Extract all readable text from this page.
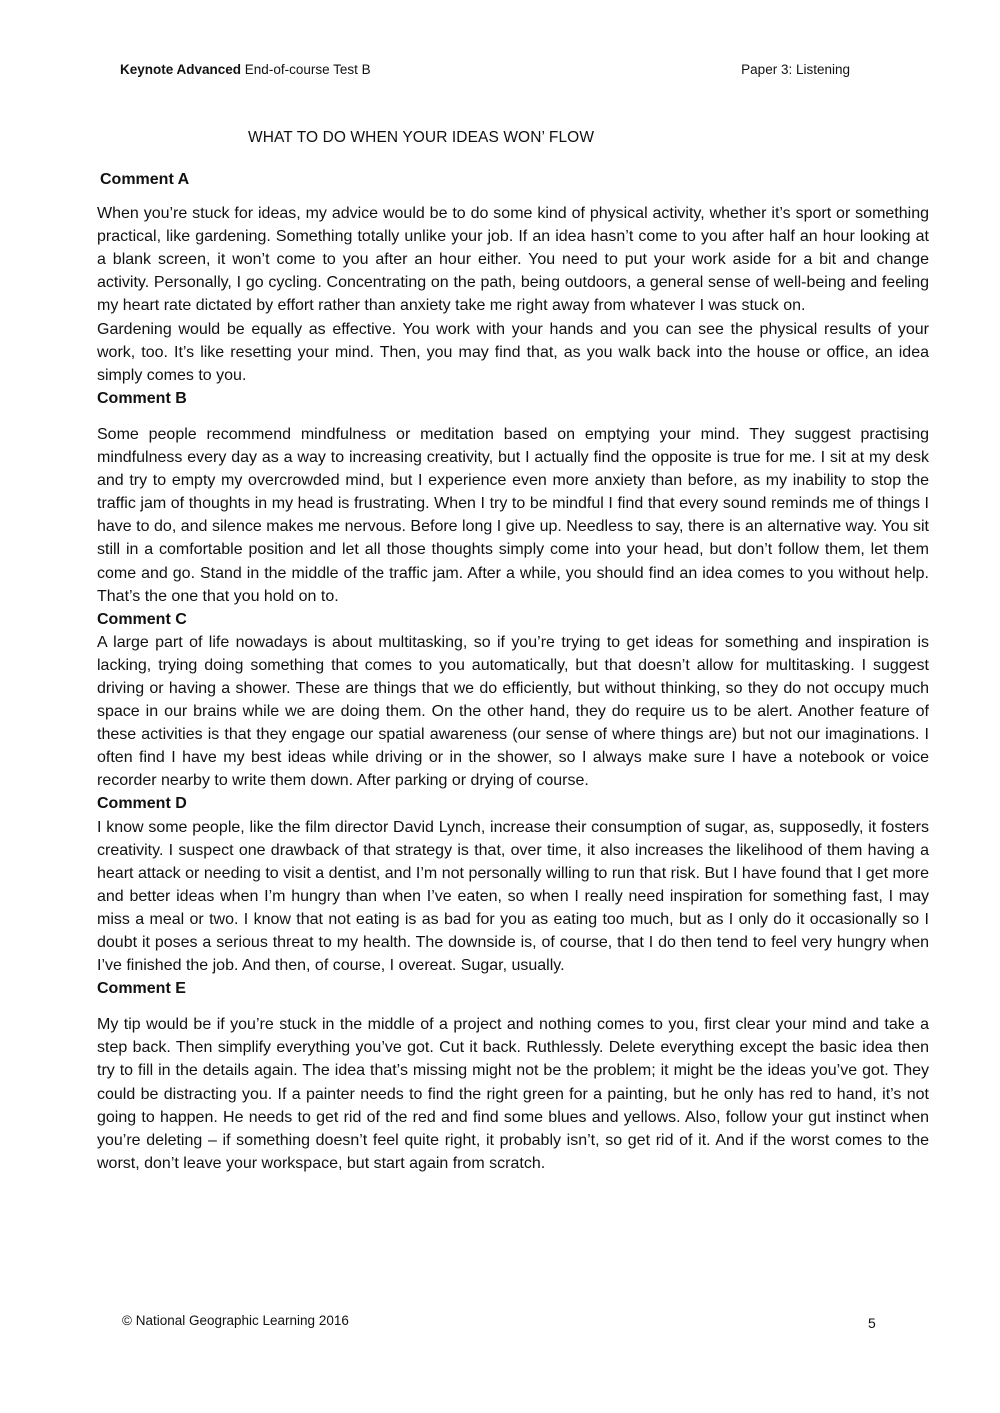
Keynote Advanced End-of-course Test B	Paper 3: Listening
WHAT TO DO WHEN YOUR IDEAS WON’ FLOW

Comment A

When you’re stuck for ideas, my advice would be to do some kind of physical activity, whether it’s sport or something practical, like gardening. Something totally unlike your job. If an idea hasn’t come to you after half an hour looking at a blank screen, it won’t come to you after an hour either. You need to put your work aside for a bit and change activity. Personally, I go cycling. Concentrating on the path, being outdoors, a general sense of well-being and feeling my heart rate dictated by effort rather than anxiety take me right away from whatever I was stuck on.

Gardening would be equally as effective. You work with your hands and you can see the physical results of your work, too. It’s like resetting your mind. Then, you may find that, as you walk back into the house or office, an idea simply comes to you.

Comment B

Some people recommend mindfulness or meditation based on emptying your mind. They suggest practising mindfulness every day as a way to increasing creativity, but I actually find the opposite is true for me. I sit at my desk and try to empty my overcrowded mind, but I experience even more anxiety than before, as my inability to stop the traffic jam of thoughts in my head is frustrating. When I try to be mindful I find that every sound reminds me of things I have to do, and silence makes me nervous. Before long I give up. Needless to say, there is an alternative way. You sit still in a comfortable position and let all those thoughts simply come into your head, but don’t follow them, let them come and go. Stand in the middle of the traffic jam. After a while, you should find an idea comes to you without help. That’s the one that you hold on to.

Comment C

A large part of life nowadays is about multitasking, so if you’re trying to get ideas for something and inspiration is lacking, trying doing something that comes to you automatically, but that doesn’t allow for multitasking. I suggest driving or having a shower. These are things that we do efficiently, but without thinking, so they do not occupy much space in our brains while we are doing them. On the other hand, they do require us to be alert. Another feature of these activities is that they engage our spatial awareness (our sense of where things are) but not our imaginations. I often find I have my best ideas while driving or in the shower, so I always make sure I have a notebook or voice recorder nearby to write them down. After parking or drying of course.

Comment D

I know some people, like the film director David Lynch, increase their consumption of sugar, as, supposedly, it fosters creativity. I suspect one drawback of that strategy is that, over time, it also increases the likelihood of them having a heart attack or needing to visit a dentist, and I’m not personally willing to run that risk. But I have found that I get more and better ideas when I’m hungry than when I’ve eaten, so when I really need inspiration for something fast, I may miss a meal or two. I know that not eating is as bad for you as eating too much, but as I only do it occasionally so I doubt it poses a serious threat to my health. The downside is, of course, that I do then tend to feel very hungry when I’ve finished the job. And then, of course, I overeat. Sugar, usually.

Comment E

My tip would be if you’re stuck in the middle of a project and nothing comes to you, first clear your mind and take a step back. Then simplify everything you’ve got. Cut it back. Ruthlessly. Delete everything except the basic idea then try to fill in the details again. The idea that’s missing might not be the problem; it might be the ideas you’ve got. They could be distracting you. If a painter needs to find the right green for a painting, but he only has red to hand, it’s not going to happen. He needs to get rid of the red and find some blues and yellows. Also, follow your gut instinct when you’re deleting – if something doesn’t feel quite right, it probably isn’t, so get rid of it. And if the worst comes to the worst, don’t leave your workspace, but start again from scratch.

© National Geographic Learning 2016	5
